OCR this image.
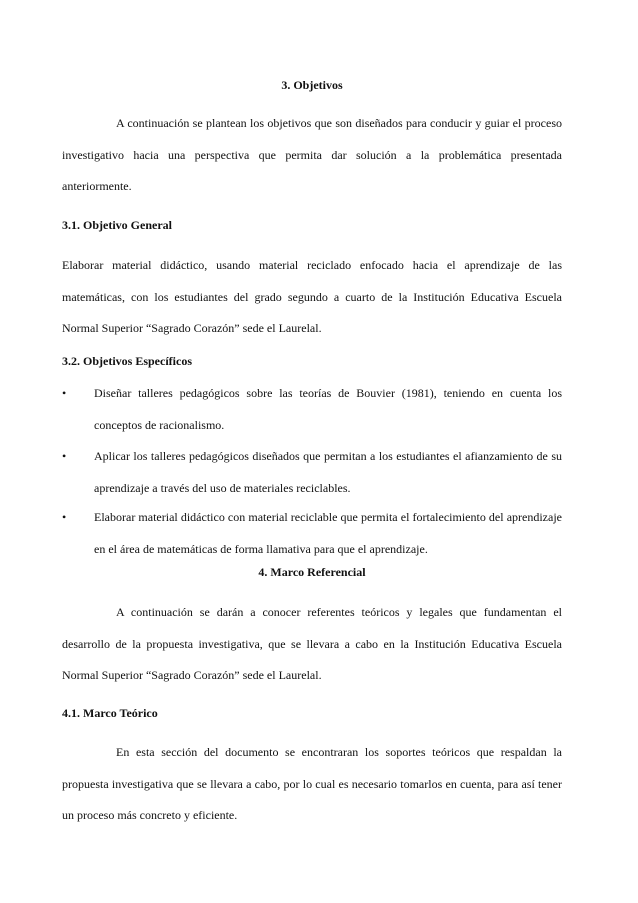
3. Objetivos
A continuación se plantean los objetivos que son diseñados para conducir y guiar el proceso investigativo hacia una perspectiva que permita dar solución a la problemática presentada anteriormente.
3.1. Objetivo General
Elaborar material didáctico, usando material reciclado enfocado hacia el aprendizaje de las matemáticas, con los estudiantes del grado segundo a cuarto de la Institución Educativa Escuela Normal Superior “Sagrado Corazón” sede el Laurelal.
3.2. Objetivos Específicos
•	Diseñar talleres pedagógicos sobre las teorías de Bouvier (1981), teniendo en cuenta los conceptos de racionalismo.
•	Aplicar los talleres pedagógicos diseñados que permitan a los estudiantes el afianzamiento de su aprendizaje a través del uso de materiales reciclables.
•	Elaborar material didáctico con material reciclable que permita el fortalecimiento del aprendizaje en el área de matemáticas de forma llamativa para que el aprendizaje.
4. Marco Referencial
A continuación se darán a conocer referentes teóricos y legales que fundamentan el desarrollo de la propuesta investigativa, que se llevara a cabo en la Institución Educativa Escuela Normal Superior “Sagrado Corazón” sede el Laurelal.
4.1. Marco Teórico
En esta sección del documento se encontraran los soportes teóricos que respaldan la propuesta investigativa que se llevara a cabo, por lo cual es necesario tomarlos en cuenta, para así tener un proceso más concreto y eficiente.
